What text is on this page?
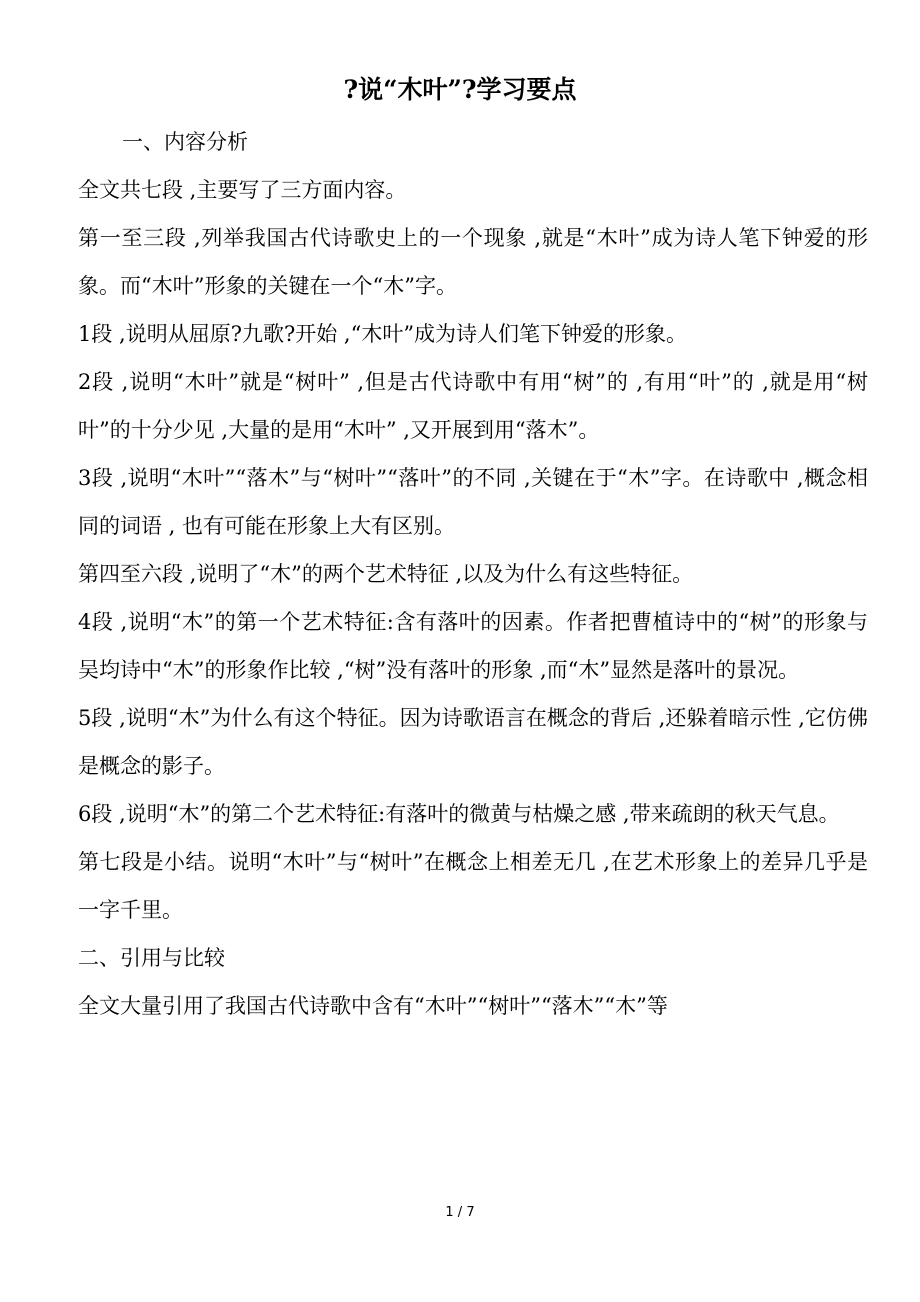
?说“木叶”?学习要点

一、内容分析

全文共七段 ,主要写了三方面内容。

第一至三段 ,列举我国古代诗歌史上的一个现象 ,就是“木叶”成为诗人笔下钟爱的形象。而“木叶”形象的关键在一个“木”字。

1段 ,说明从屈原?九歌?开始 ,“木叶”成为诗人们笔下钟爱的形象。

2段 ,说明“木叶”就是“树叶” ,但是古代诗歌中有用“树”的 ,有用“叶”的 ,就是用“树叶”的十分少见 ,大量的是用“木叶” ,又开展到用“落木”。

3段 ,说明“木叶”“落木”与“树叶”“落叶”的不同 ,关键在于“木”字。在诗歌中 ,概念相同的词语 , 也有可能在形象上大有区别。

第四至六段 ,说明了“木”的两个艺术特征 ,以及为什么有这些特征。

4段 ,说明“木”的第一个艺术特征:含有落叶的因素。作者把曹植诗中的“树”的形象与吴均诗中“木”的形象作比较 ,“树”没有落叶的形象 ,而“木”显然是落叶的景况。

5段 ,说明“木”为什么有这个特征。因为诗歌语言在概念的背后 ,还躲着暗示性 ,它仿佛是概念的影子。

6段 ,说明“木”的第二个艺术特征:有落叶的微黄与枯燥之感 ,带来疏朗的秋天气息。

第七段是小结。说明“木叶”与“树叶”在概念上相差无几 ,在艺术形象上的差异几乎是一字千里。

二、引用与比较

全文大量引用了我国古代诗歌中含有“木叶”“树叶”“落木”“木”等

1 / 7
